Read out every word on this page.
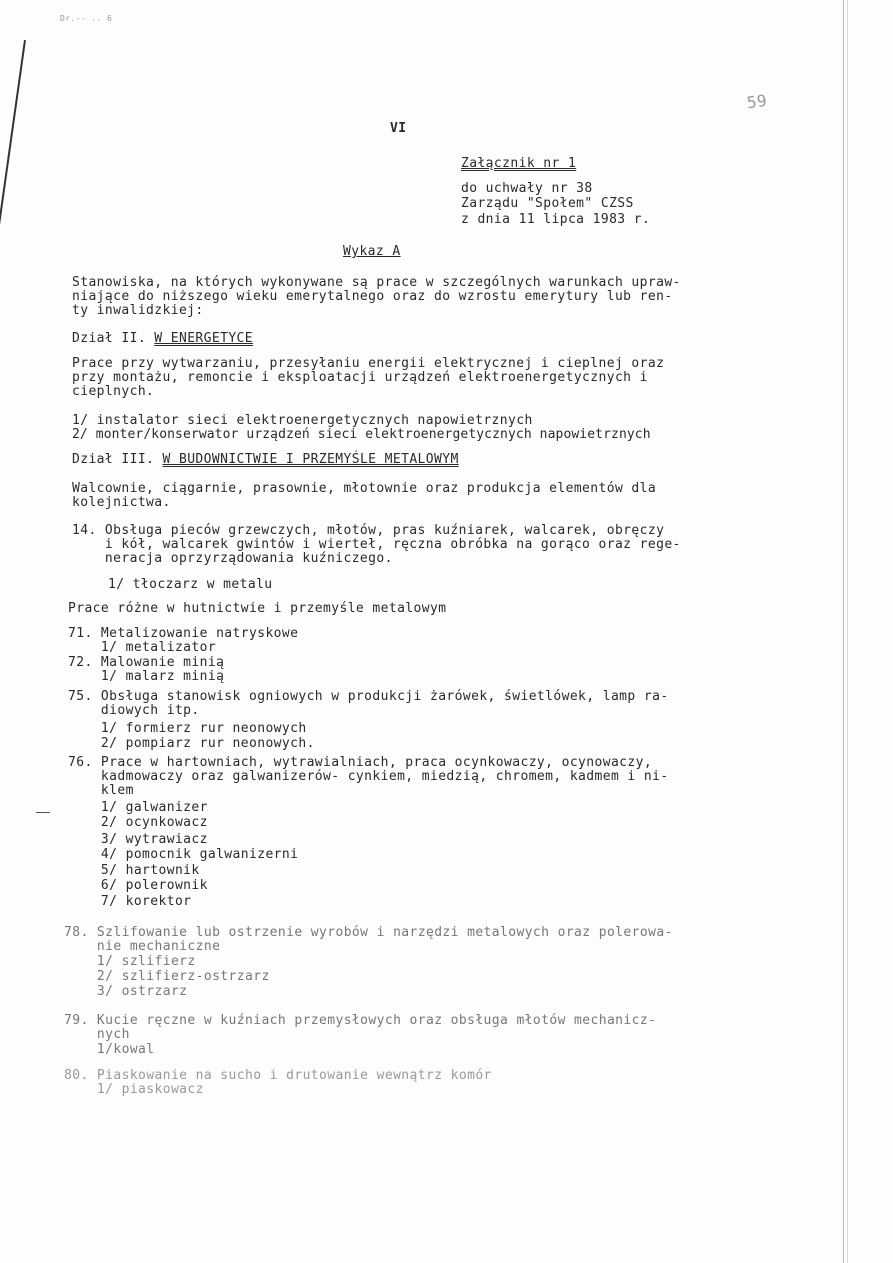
Dr.-- .. 6
59
VI
Załącznik nr 1
do uchwały nr 38
Zarządu "Społem" CZSS
z dnia 11 lipca 1983 r.
Wykaz A
Stanowiska, na których wykonywane są prace w szczególnych warunkach upraw-
niające do niższego wieku emerytalnego oraz do wzrostu emerytury lub ren-
ty inwalidzkiej:
Dział II. W ENERGETYCE
Prace przy wytwarzaniu, przesyłaniu energii elektrycznej i cieplnej oraz
przy montażu, remoncie i eksploatacji urządzeń elektroenergetycznych i
cieplnych.
1/ instalator sieci elektroenergetycznych napowietrznych
2/ monter/konserwator urządzeń sieci elektroenergetycznych napowietrznych
Dział III. W BUDOWNICTWIE I PRZEMYŚLE METALOWYM
Walcownie, ciągarnie, prasownie, młotownie oraz produkcja elementów dla
kolejnictwa.
14. Obsługa pieców grzewczych, młotów, pras kuźniarek, walcarek, obręczy
i kół, walcarek gwintów i wierteł, ręczna obróbka na gorąco oraz rege-
neracja oprzyrządowania kuźniczego.
1/ tłoczarz w metalu
Prace różne w hutnictwie i przemyśle metalowym
71. Metalizowanie natryskowe
1/ metalizator
72. Malowanie minią
1/ malarz minią
75. Obsługa stanowisk ogniowych w produkcji żarówek, świetlówek, lamp ra-
diowych itp.
1/ formierz rur neonowych
2/ pompiarz rur neonowych.
76. Prace w hartowniach, wytrawialniach, praca ocynkowaczy, ocynowaczy,
kadmowaczy oraz galwanizerów- cynkiem, miedzią, chromem, kadmem i ni-
klem
1/ galwanizer
2/ ocynkowacz
3/ wytrawiacz
4/ pomocnik galwanizerni
5/ hartownik
6/ polerownik
7/ korektor
78. Szlifowanie lub ostrzenie wyrobów i narzędzi metalowych oraz polerowa-
nie mechaniczne
1/ szlifierz
2/ szlifierz-ostrzarz
3/ ostrzarz
79. Kucie ręczne w kuźniach przemysłowych oraz obsługa młotów mechanicz-
nych
1/kowal
80. Piaskowanie na sucho i drutowanie wewnątrz komór
1/ piaskowacz
